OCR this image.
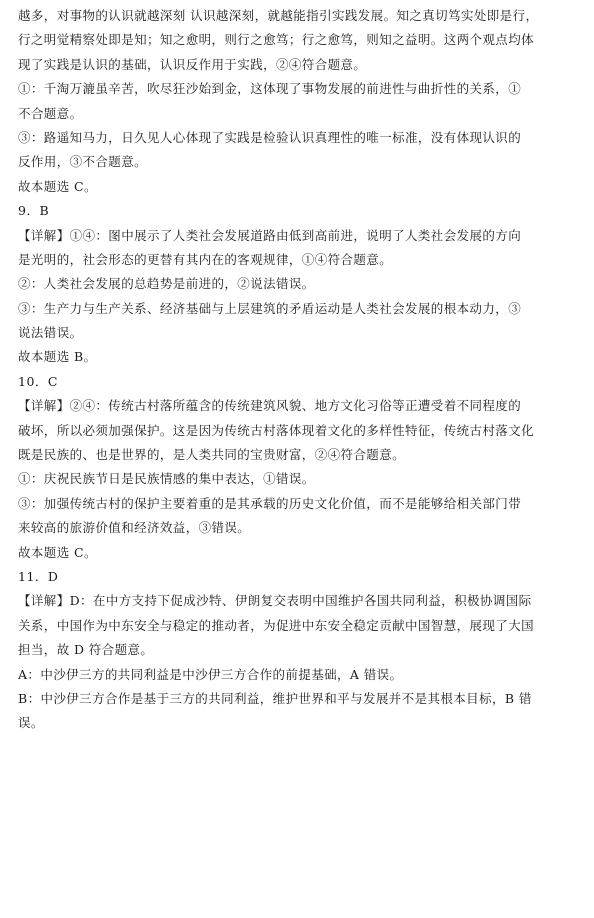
越多，对事物的认识就越深刻 认识越深刻，就越能指引实践发展。知之真切笃实处即是行，
行之明觉精察处即是知；知之愈明，则行之愈笃；行之愈笃，则知之益明。这两个观点均体
现了实践是认识的基础，认识反作用于实践，②④符合题意。
①：千淘万漉虽辛苦，吹尽狂沙始到金，这体现了事物发展的前进性与曲折性的关系，①
不合题意。
③：路遥知马力，日久见人心体现了实践是检验认识真理性的唯一标准，没有体现认识的
反作用，③不合题意。
故本题选 C。
9．B
【详解】①④：图中展示了人类社会发展道路由低到高前进，说明了人类社会发展的方向
是光明的，社会形态的更替有其内在的客观规律，①④符合题意。
②：人类社会发展的总趋势是前进的，②说法错误。
③：生产力与生产关系、经济基础与上层建筑的矛盾运动是人类社会发展的根本动力，③
说法错误。
故本题选 B。
10．C
【详解】②④：传统古村落所蕴含的传统建筑风貌、地方文化习俗等正遭受着不同程度的
破坏，所以必须加强保护。这是因为传统古村落体现着文化的多样性特征，传统古村落文化
既是民族的、也是世界的，是人类共同的宝贵财富，②④符合题意。
①：庆祝民族节日是民族情感的集中表达，①错误。
③：加强传统古村的保护主要着重的是其承载的历史文化价值，而不是能够给相关部门带
来较高的旅游价值和经济效益，③错误。
故本题选 C。
11．D
【详解】D：在中方支持下促成沙特、伊朗复交表明中国维护各国共同利益，积极协调国际
关系，中国作为中东安全与稳定的推动者，为促进中东安全稳定贡献中国智慧，展现了大国
担当，故 D 符合题意。
A：中沙伊三方的共同利益是中沙伊三方合作的前提基础，A 错误。
B：中沙伊三方合作是基于三方的共同利益，维护世界和平与发展并不是其根本目标，B 错
误。
